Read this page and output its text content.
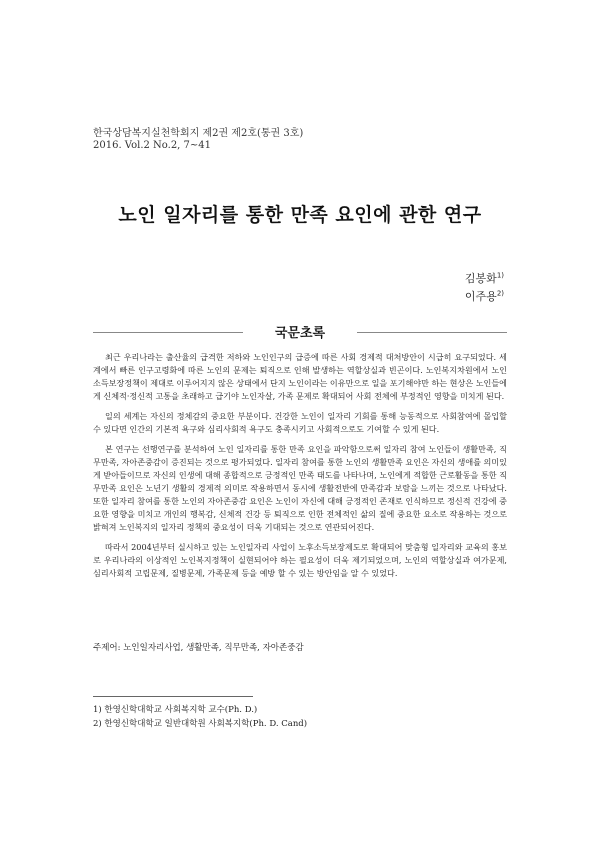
한국상담복지실천학회지 제2권 제2호(통권 3호)
2016. Vol.2 No.2, 7~41
노인 일자리를 통한 만족 요인에 관한 연구
김봉화$^{1)}$
이주용$^{2)}$
국문초록

최근 우리나라는 출산율의 급격한 저하와 노인인구의 급증에 따른 사회 경제적 대처방안이 시급히 요구되었다. 세계에서 빠른 인구고령화에 따른 노인의 문제는 퇴직으로 인해 발생하는 역할상실과 빈곤이다. 노인복지차원에서 노인소득보장정책이 제대로 이루어지지 않은 상태에서 단지 노인이라는 이유만으로 일을 포기해야만 하는 현상은 노인들에게 신체적·정신적 고통을 초래하고 급기야 노인자살, 가족 문제로 확대되어 사회 전체에 부정적인 영향을 미치게 된다.

일의 세계는 자신의 정체감의 중요한 부분이다. 건강한 노인이 일자리 기회를 통해 능동적으로 사회참여에 몰입할 수 있다면 인간의 기본적 욕구와 심리사회적 욕구도 충족시키고 사회적으로도 기여할 수 있게 된다.

본 연구는 선행연구를 분석하여 노인 일자리를 통한 만족 요인을 파악함으로써 일자리 참여 노인들이 생활만족, 직무만족, 자아존중감이 증진되는 것으로 평가되었다. 일자리 참여를 통한 노인의 생활만족 요인은 자신의 생애를 의미있게 받아들이므로 자신의 인생에 대해 종합적으로 긍정적인 만족 태도를 나타나며, 노인에게 적합한 근로활동을 통한 직무만족 요인은 노년기 생활의 경제적 의미로 작용하면서 동시에 생활전반에 만족감과 보람을 느끼는 것으로 나타났다. 또한 일자리 참여를 통한 노인의 자아존중감 요인은 노인이 자신에 대해 긍정적인 존재로 인식하므로 정신적 건강에 중요한 영향을 미치고 개인의 행복감, 신체적 건강 등 퇴직으로 인한 전체적인 삶의 질에 중요한 요소로 작용하는 것으로 밝혀져 노인복지의 일자리 정책의 중요성이 더욱 기대되는 것으로 연관되어진다.

따라서 2004년부터 실시하고 있는 노인일자리 사업이 노후소득보장제도로 확대되어 맞춤형 일자리와 교육의 홍보로 우리나라의 이상적인 노인복지정책이 실현되어야 하는 필요성이 더욱 제기되었으며, 노인의 역할상실과 여가문제, 심리사회적 고립문제, 질병문제, 가족문제 등을 예방 할 수 있는 방안임을 알 수 있었다.

주제어: 노인일자리사업, 생활만족, 직무만족, 자아존중감
1) 한영신학대학교 사회복지학 교수(Ph. D.)
2) 한영신학대학교 일반대학원 사회복지학(Ph. D. Cand)
